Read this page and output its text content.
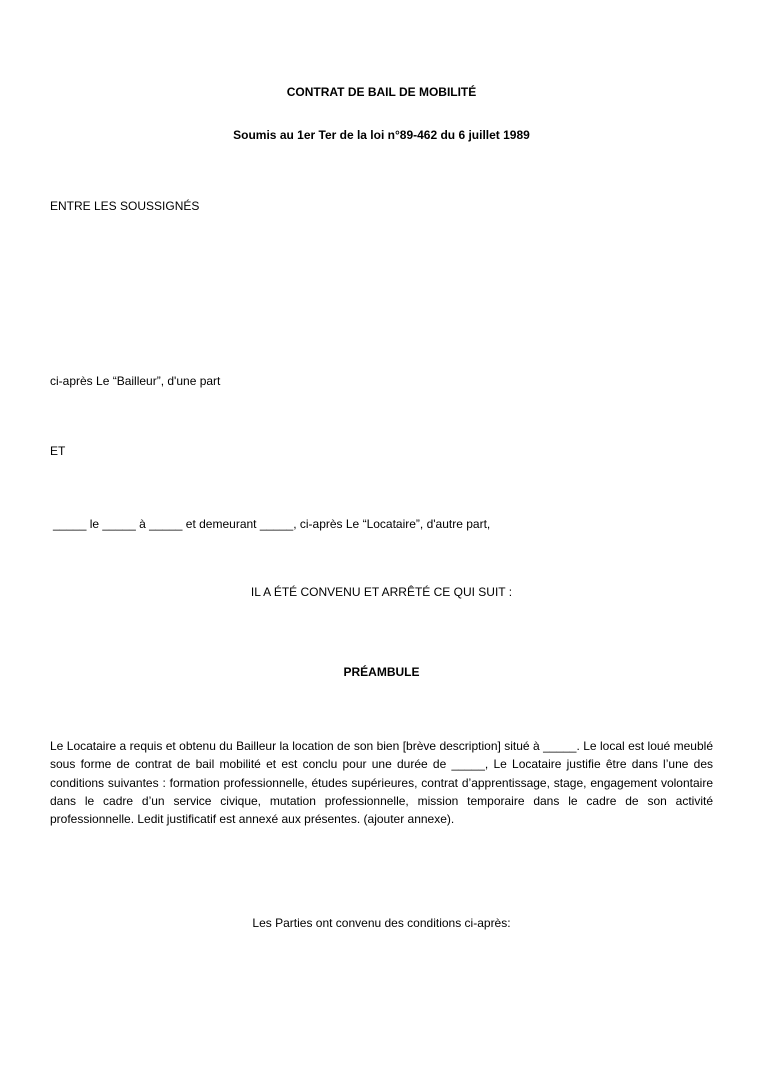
CONTRAT DE BAIL DE MOBILITÉ
Soumis au 1er Ter de la loi n°89-462 du 6 juillet 1989
ENTRE LES SOUSSIGNÉS
ci-après Le “Bailleur”, d'une part
ET
_____ le _____ à _____ et demeurant _____, ci-après Le “Locataire”, d'autre part,
IL A ÉTÉ CONVENU ET ARRÊTÉ CE QUI SUIT :
PRÉAMBULE
Le Locataire a requis et obtenu du Bailleur la location de son bien [brève description] situé à _____. Le local est loué meublé sous forme de contrat de bail mobilité et est conclu pour une durée de _____, Le Locataire justifie être dans l’une des conditions suivantes : formation professionnelle, études supérieures, contrat d’apprentissage, stage, engagement volontaire dans le cadre d’un service civique, mutation professionnelle, mission temporaire dans le cadre de son activité professionnelle. Ledit justificatif est annexé aux présentes. (ajouter annexe).
Les Parties ont convenu des conditions ci-après:
